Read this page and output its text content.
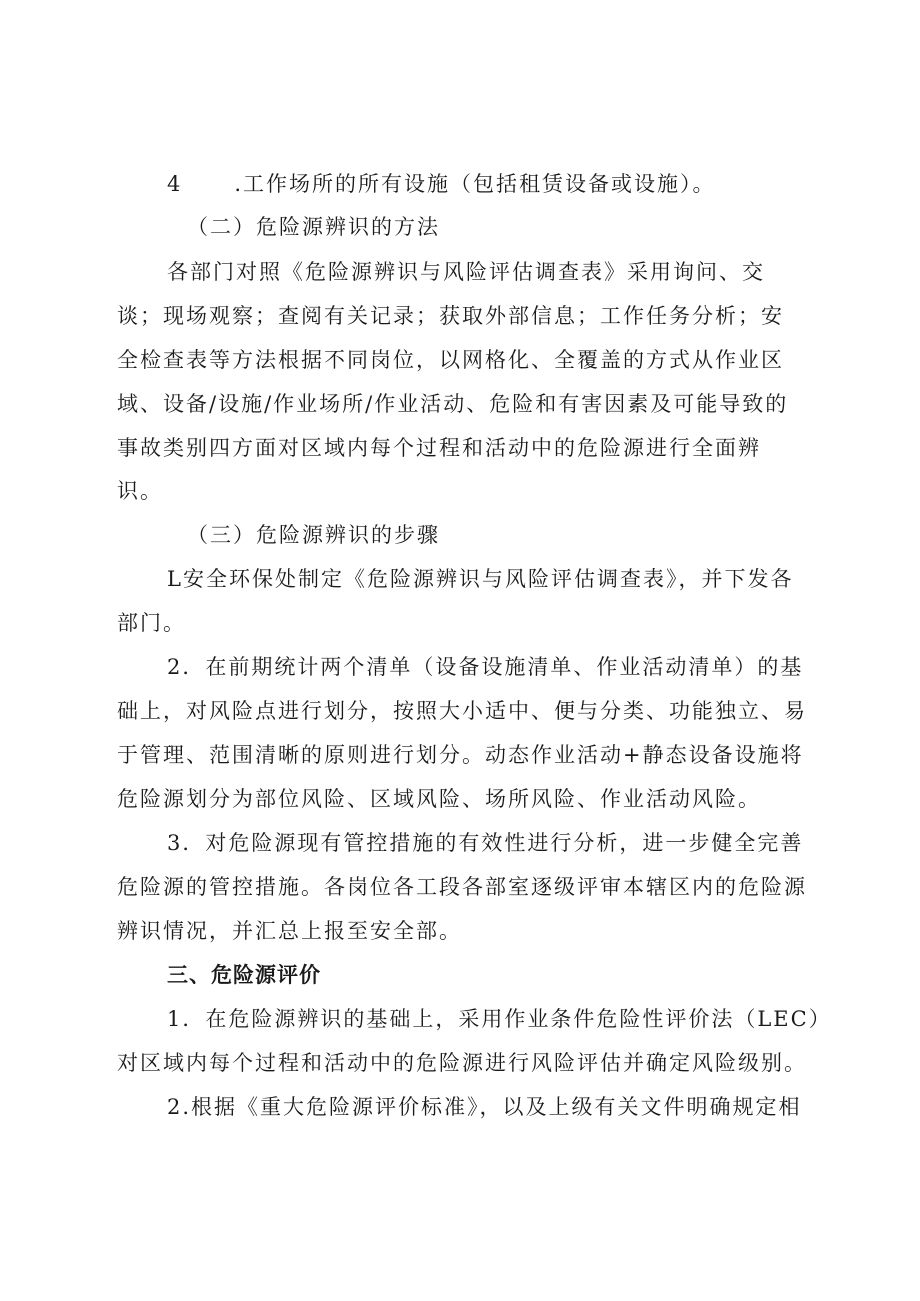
4 .工作场所的所有设施（包括租赁设备或设施）。
（二）危险源辨识的方法
各部门对照《危险源辨识与风险评估调查表》采用询问、交
谈；现场观察；查阅有关记录；获取外部信息；工作任务分析；安
全检查表等方法根据不同岗位，以网格化、全覆盖的方式从作业区
域、设备/设施/作业场所/作业活动、危险和有害因素及可能导致的
事故类别四方面对区域内每个过程和活动中的危险源进行全面辨
识。
（三）危险源辨识的步骤
L安全环保处制定《危险源辨识与风险评估调查表》，并下发各
部门。
2．在前期统计两个清单（设备设施清单、作业活动清单）的基
础上，对风险点进行划分，按照大小适中、便与分类、功能独立、易
于管理、范围清晰的原则进行划分。动态作业活动+静态设备设施将
危险源划分为部位风险、区域风险、场所风险、作业活动风险。
3．对危险源现有管控措施的有效性进行分析，进一步健全完善
危险源的管控措施。各岗位各工段各部室逐级评审本辖区内的危险源
辨识情况，并汇总上报至安全部。
三、危险源评价
1．在危险源辨识的基础上，采用作业条件危险性评价法（LEC）
对区域内每个过程和活动中的危险源进行风险评估并确定风险级别。
2.根据《重大危险源评价标准》，以及上级有关文件明确规定相
